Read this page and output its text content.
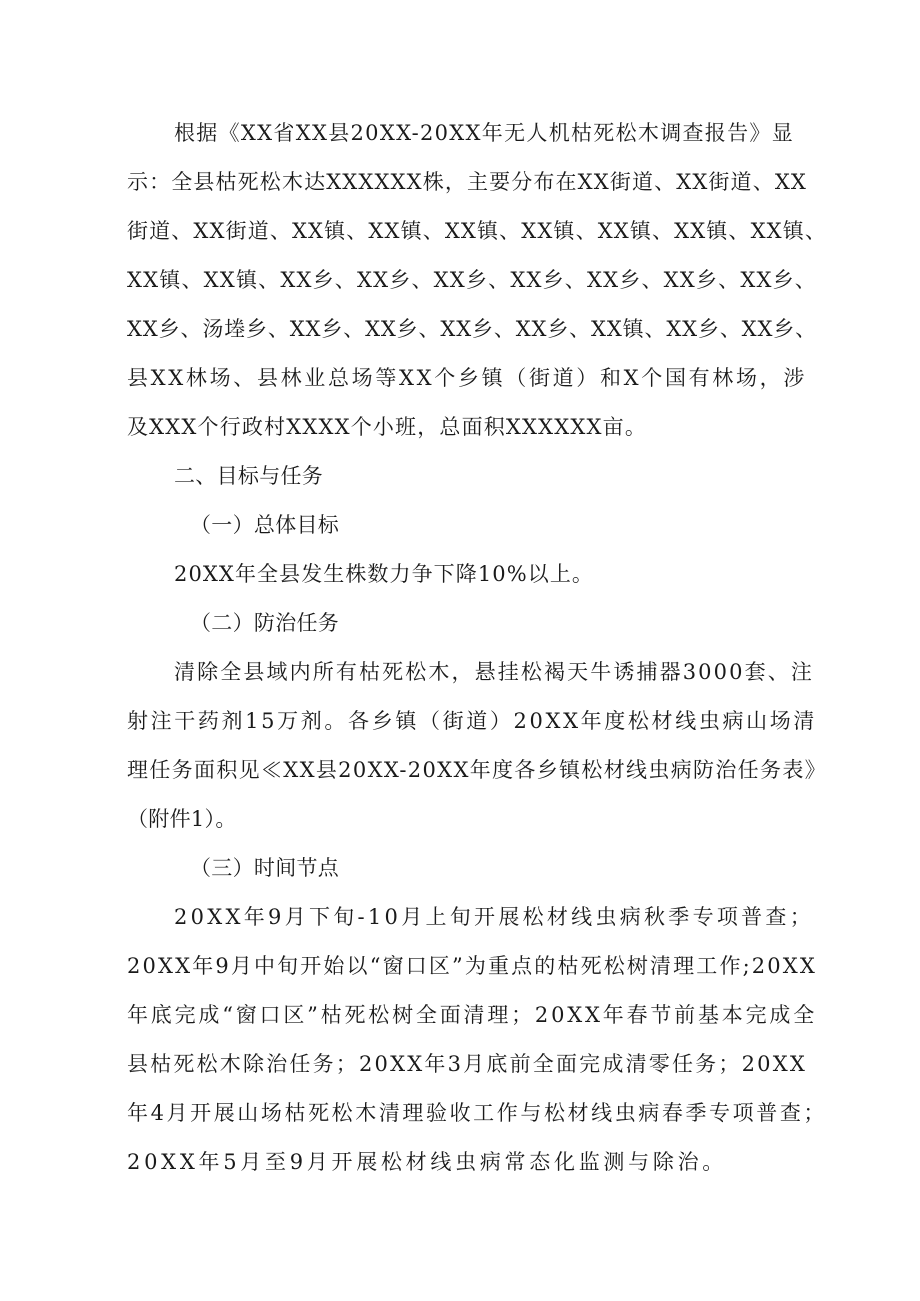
根据《XX省XX县20XX-20XX年无人机枯死松木调查报告》显
示：全县枯死松木达XXXXXX株，主要分布在XX街道、XX街道、XX
街道、XX街道、XX镇、XX镇、XX镇、XX镇、XX镇、XX镇、XX镇、
XX镇、XX镇、XX乡、XX乡、XX乡、XX乡、XX乡、XX乡、XX乡、
XX乡、汤堘乡、XX乡、XX乡、XX乡、XX乡、XX镇、XX乡、XX乡、
县XX林场、县林业总场等XX个乡镇（街道）和X个国有林场，涉
及XXX个行政村XXXX个小班，总面积XXXXXX亩。
二、目标与任务
（一）总体目标
20XX年全县发生株数力争下降10%以上。
（二）防治任务
清除全县域内所有枯死松木，悬挂松褐天牛诱捕器3000套、注
射注干药剂15万剂。各乡镇（街道）20XX年度松材线虫病山场清
理任务面积见≪XX县20XX-20XX年度各乡镇松材线虫病防治任务表》
（附件1）。
（三）时间节点
20XX年9月下旬-10月上旬开展松材线虫病秋季专项普查；
20XX年9月中旬开始以“窗口区”为重点的枯死松树清理工作;20XX
年底完成“窗口区”枯死松树全面清理；20XX年春节前基本完成全
县枯死松木除治任务；20XX年3月底前全面完成清零任务；20XX
年4月开展山场枯死松木清理验收工作与松材线虫病春季专项普查；
20XX年5月至9月开展松材线虫病常态化监测与除治。
